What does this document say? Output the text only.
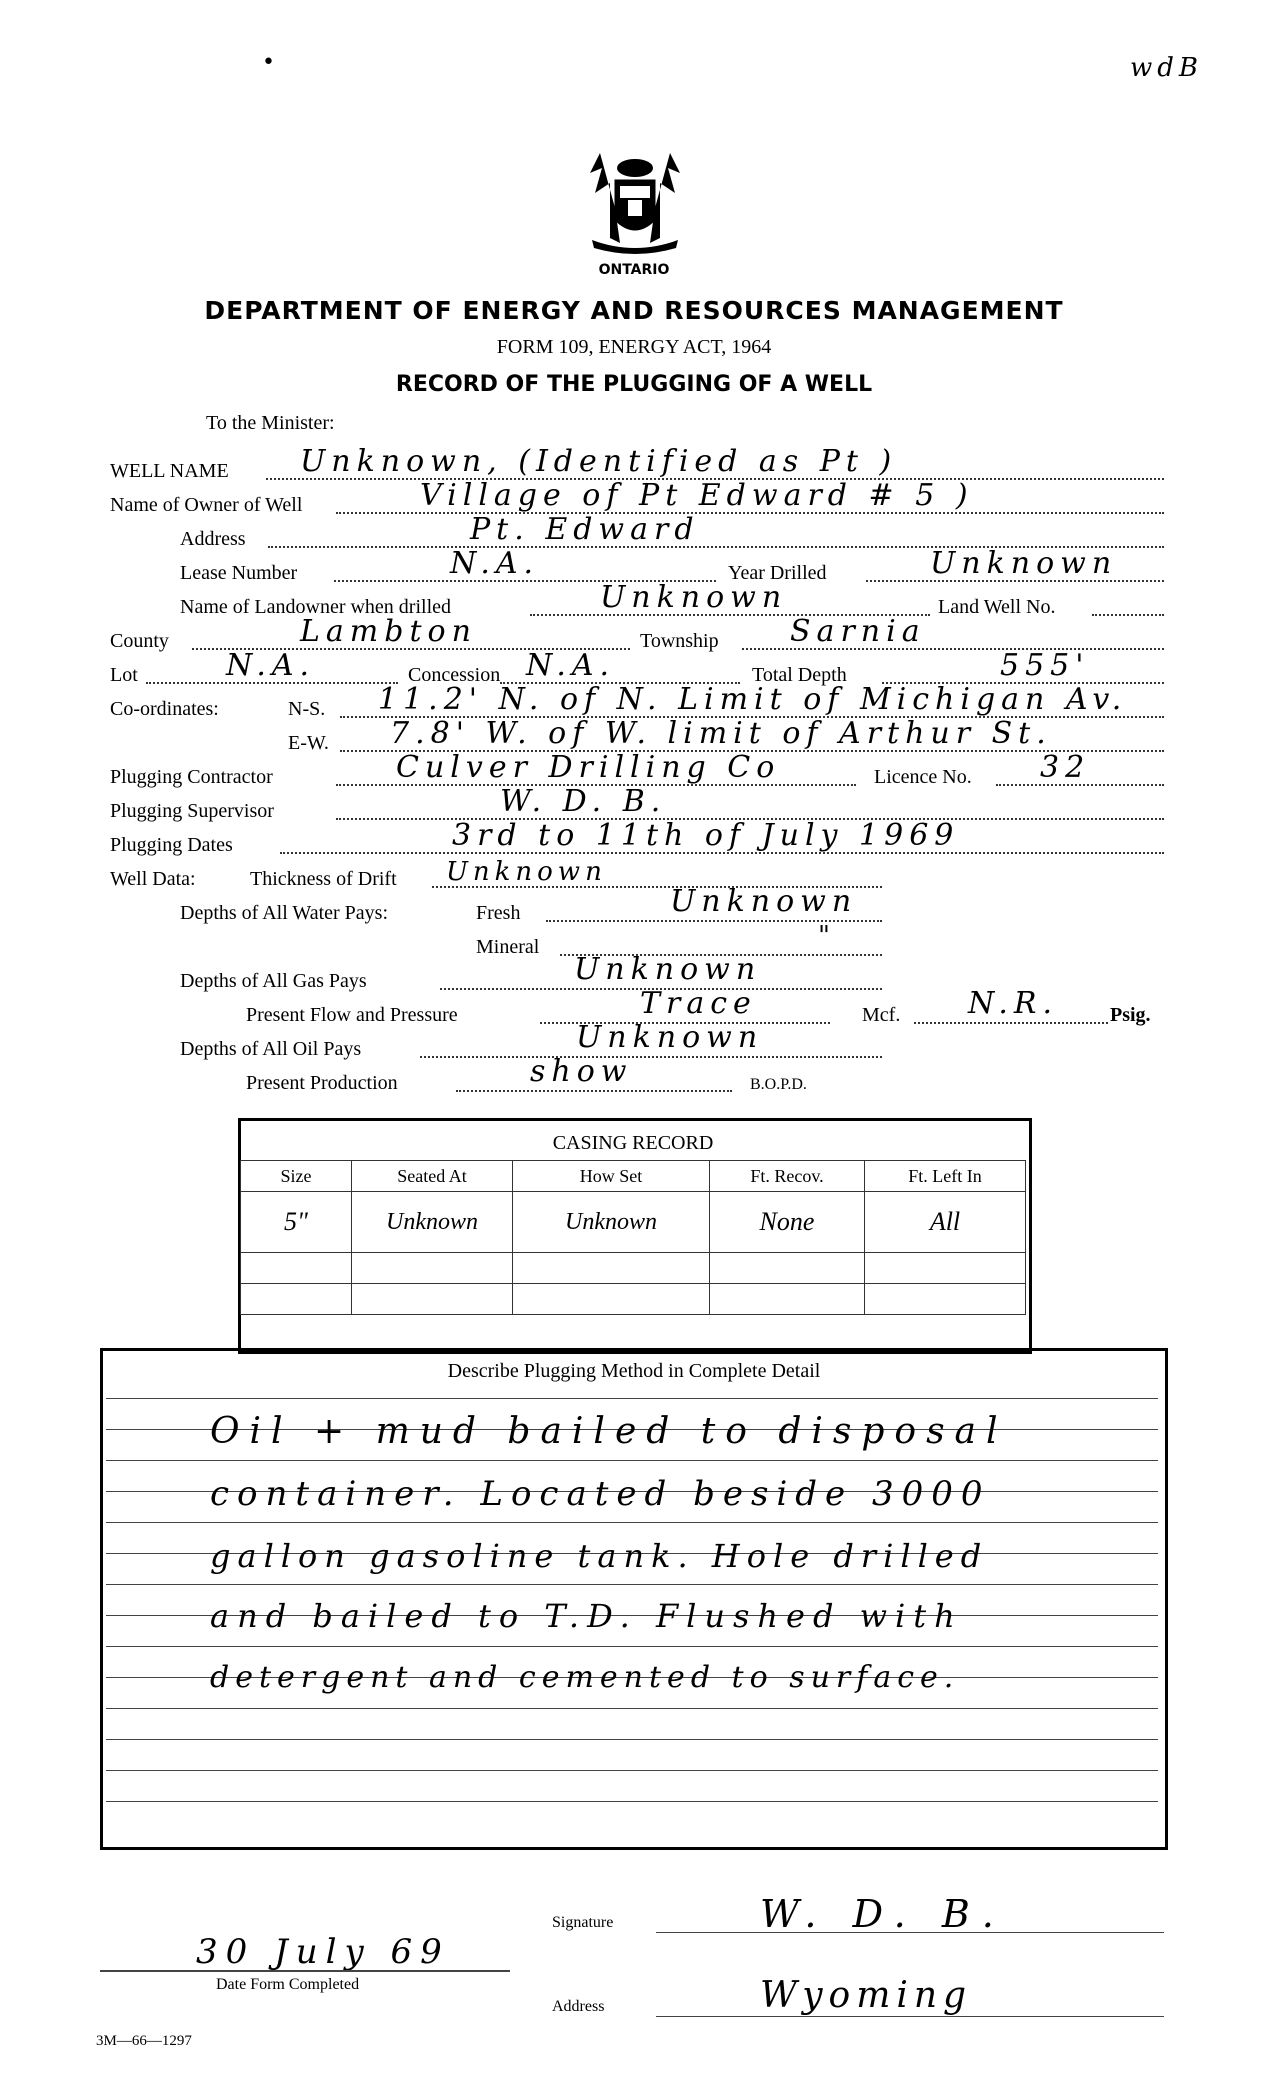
•	wdB
ONTARIO
DEPARTMENT OF ENERGY AND RESOURCES MANAGEMENT
FORM 109, ENERGY ACT, 1964
RECORD OF THE PLUGGING OF A WELL
To the Minister:
WELL NAME Unknown, (Identified as Pt )
Name of Owner of Well	Village of Pt Edward # 5 )
Address	Pt. Edward
Lease Number	N.A.	Year Drilled	Unknown
Name of Landowner when drilled	Unknown	Land Well No.
County	Lambton	Township Sarnia
Lot	N.A.	Concession N.A.	Total Depth	555'
Co-ordinates:	N-S. 11.2' N. of N. Limit of Michigan Av.
E-W. 7.8' W. of W. limit of Arthur St.
Plugging Contractor	Culver Drilling Co	Licence No. 32
Plugging Supervisor	W. D. B.
Plugging Dates	3rd to 11th of July 1969
Well Data:	Thickness of Drift Unknown
Depths of All Water Pays:	Fresh	Unknown
Mineral	"
Depths of All Gas Pays	Unknown
Present Flow and Pressure	Trace	Mcf. N.R.	Psig.
Depths of All Oil Pays	Unknown
Present Production	show	B.O.P.D.
CASING RECORD				
Size	Seated At	How Set	Ft. Recov.	Ft. Left In
5"	Unknown	Unknown	None	All

Describe Plugging Method in Complete Detail
Oil + mud bailed to disposal
container. Located beside 3000
gallon gasoline tank. Hole drilled
and bailed to T.D. Flushed with
detergent and cemented to surface.
Signature	W. D. B.
30 July 69
Date Form Completed
Address	Wyoming
3M—66—1297
